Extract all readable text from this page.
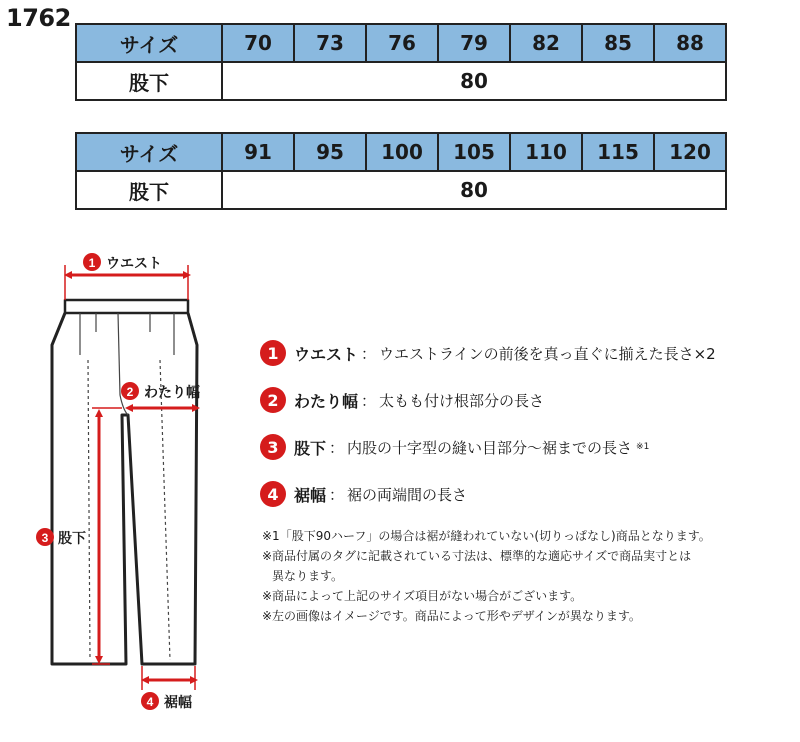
1762
サイズ	70	73	76	79	82	85	88
股下	80						
サイズ	91	95	100	105	110	115	120
股下	80						
1 ウエスト
2 わたり幅
3 股下
4 裾幅
1 ウエスト ： ウエストラインの前後を真っ直ぐに揃えた長さ×2
2 わたり幅 ： 太もも付け根部分の長さ
3 股下 ： 内股の十字型の縫い目部分～裾までの長さ ※1
4 裾幅 ： 裾の両端間の長さ
※1「股下90ハーフ」の場合は裾が縫われていない(切りっぱなし)商品となります。
※商品付属のタグに記載されている寸法は、標準的な適応サイズで商品実寸とは
異なります。
※商品によって上記のサイズ項目がない場合がございます。
※左の画像はイメージです。商品によって形やデザインが異なります。
